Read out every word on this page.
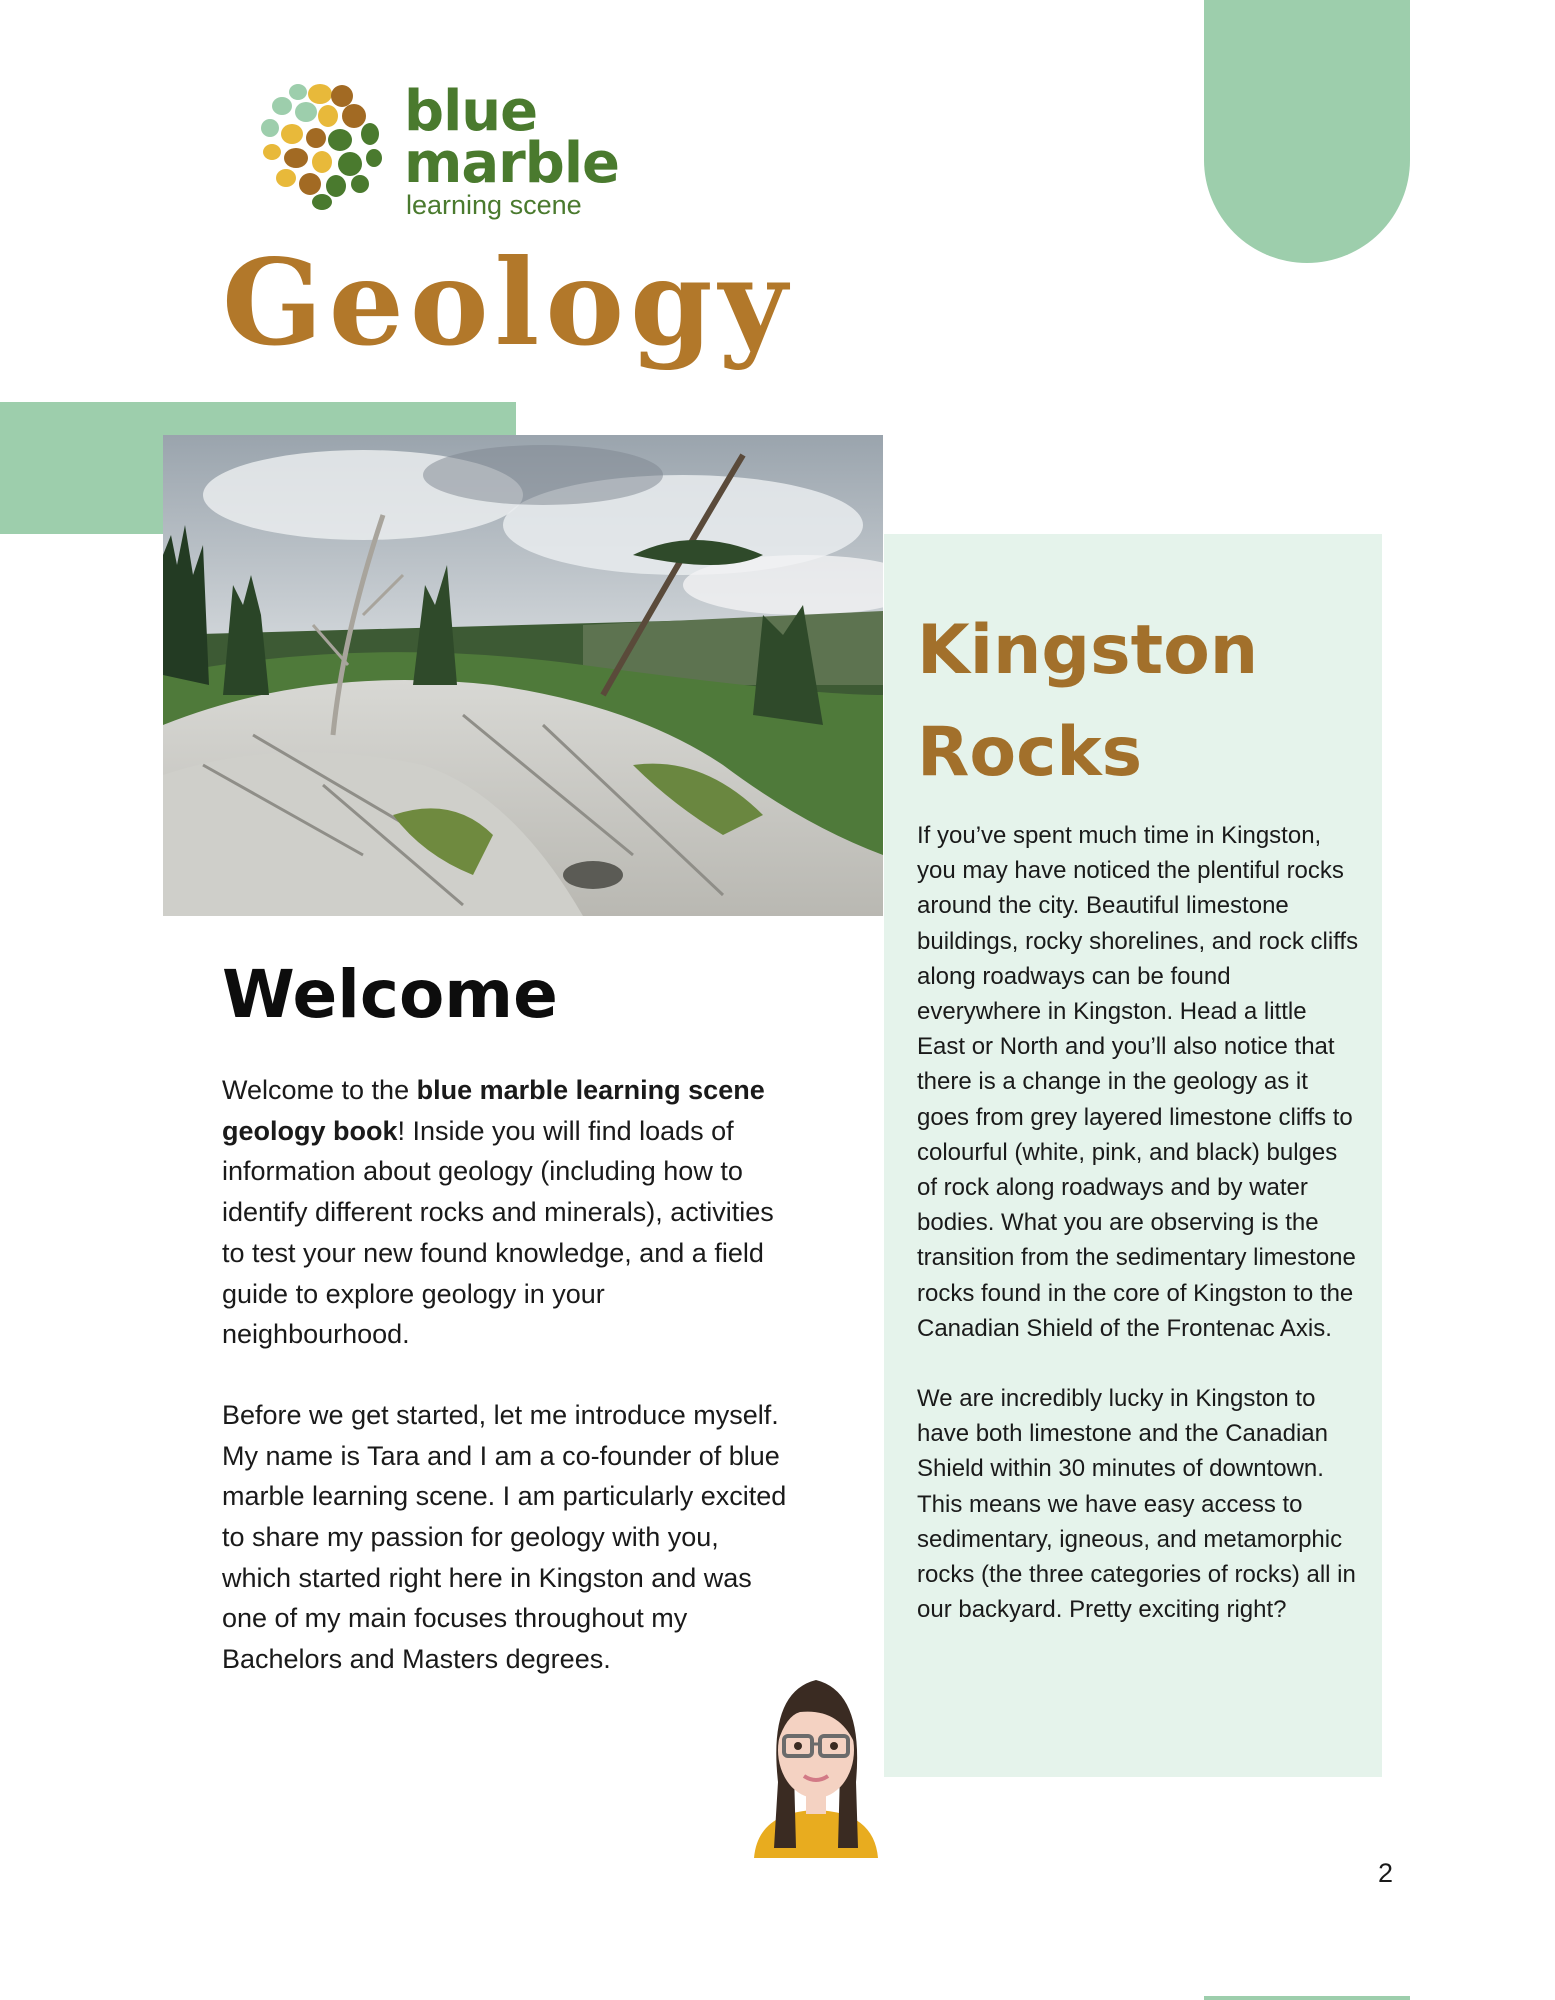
blue
marble
learning scene
Geology
Welcome

Welcome to the blue marble learning scene geology book! Inside you will find loads of information about geology (including how to identify different rocks and minerals), activities to test your new found knowledge, and a field guide to explore geology in your neighbourhood.

Before we get started, let me introduce myself. My name is Tara and I am a co-founder of blue marble learning scene. I am particularly excited to share my passion for geology with you, which started right here in Kingston and was one of my main focuses throughout my Bachelors and Masters degrees.

Kingston
Rocks

If you’ve spent much time in Kingston, you may have noticed the plentiful rocks around the city. Beautiful limestone buildings, rocky shorelines, and rock cliffs along roadways can be found everywhere in Kingston. Head a little East or North and you’ll also notice that there is a change in the geology as it goes from grey layered limestone cliffs to colourful (white, pink, and black) bulges of rock along roadways and by water bodies. What you are observing is the transition from the sedimentary limestone rocks found in the core of Kingston to the Canadian Shield of the Frontenac Axis.

We are incredibly lucky in Kingston to have both limestone and the Canadian Shield within 30 minutes of downtown. This means we have easy access to sedimentary, igneous, and metamorphic rocks (the three categories of rocks) all in our backyard. Pretty exciting right?

2
